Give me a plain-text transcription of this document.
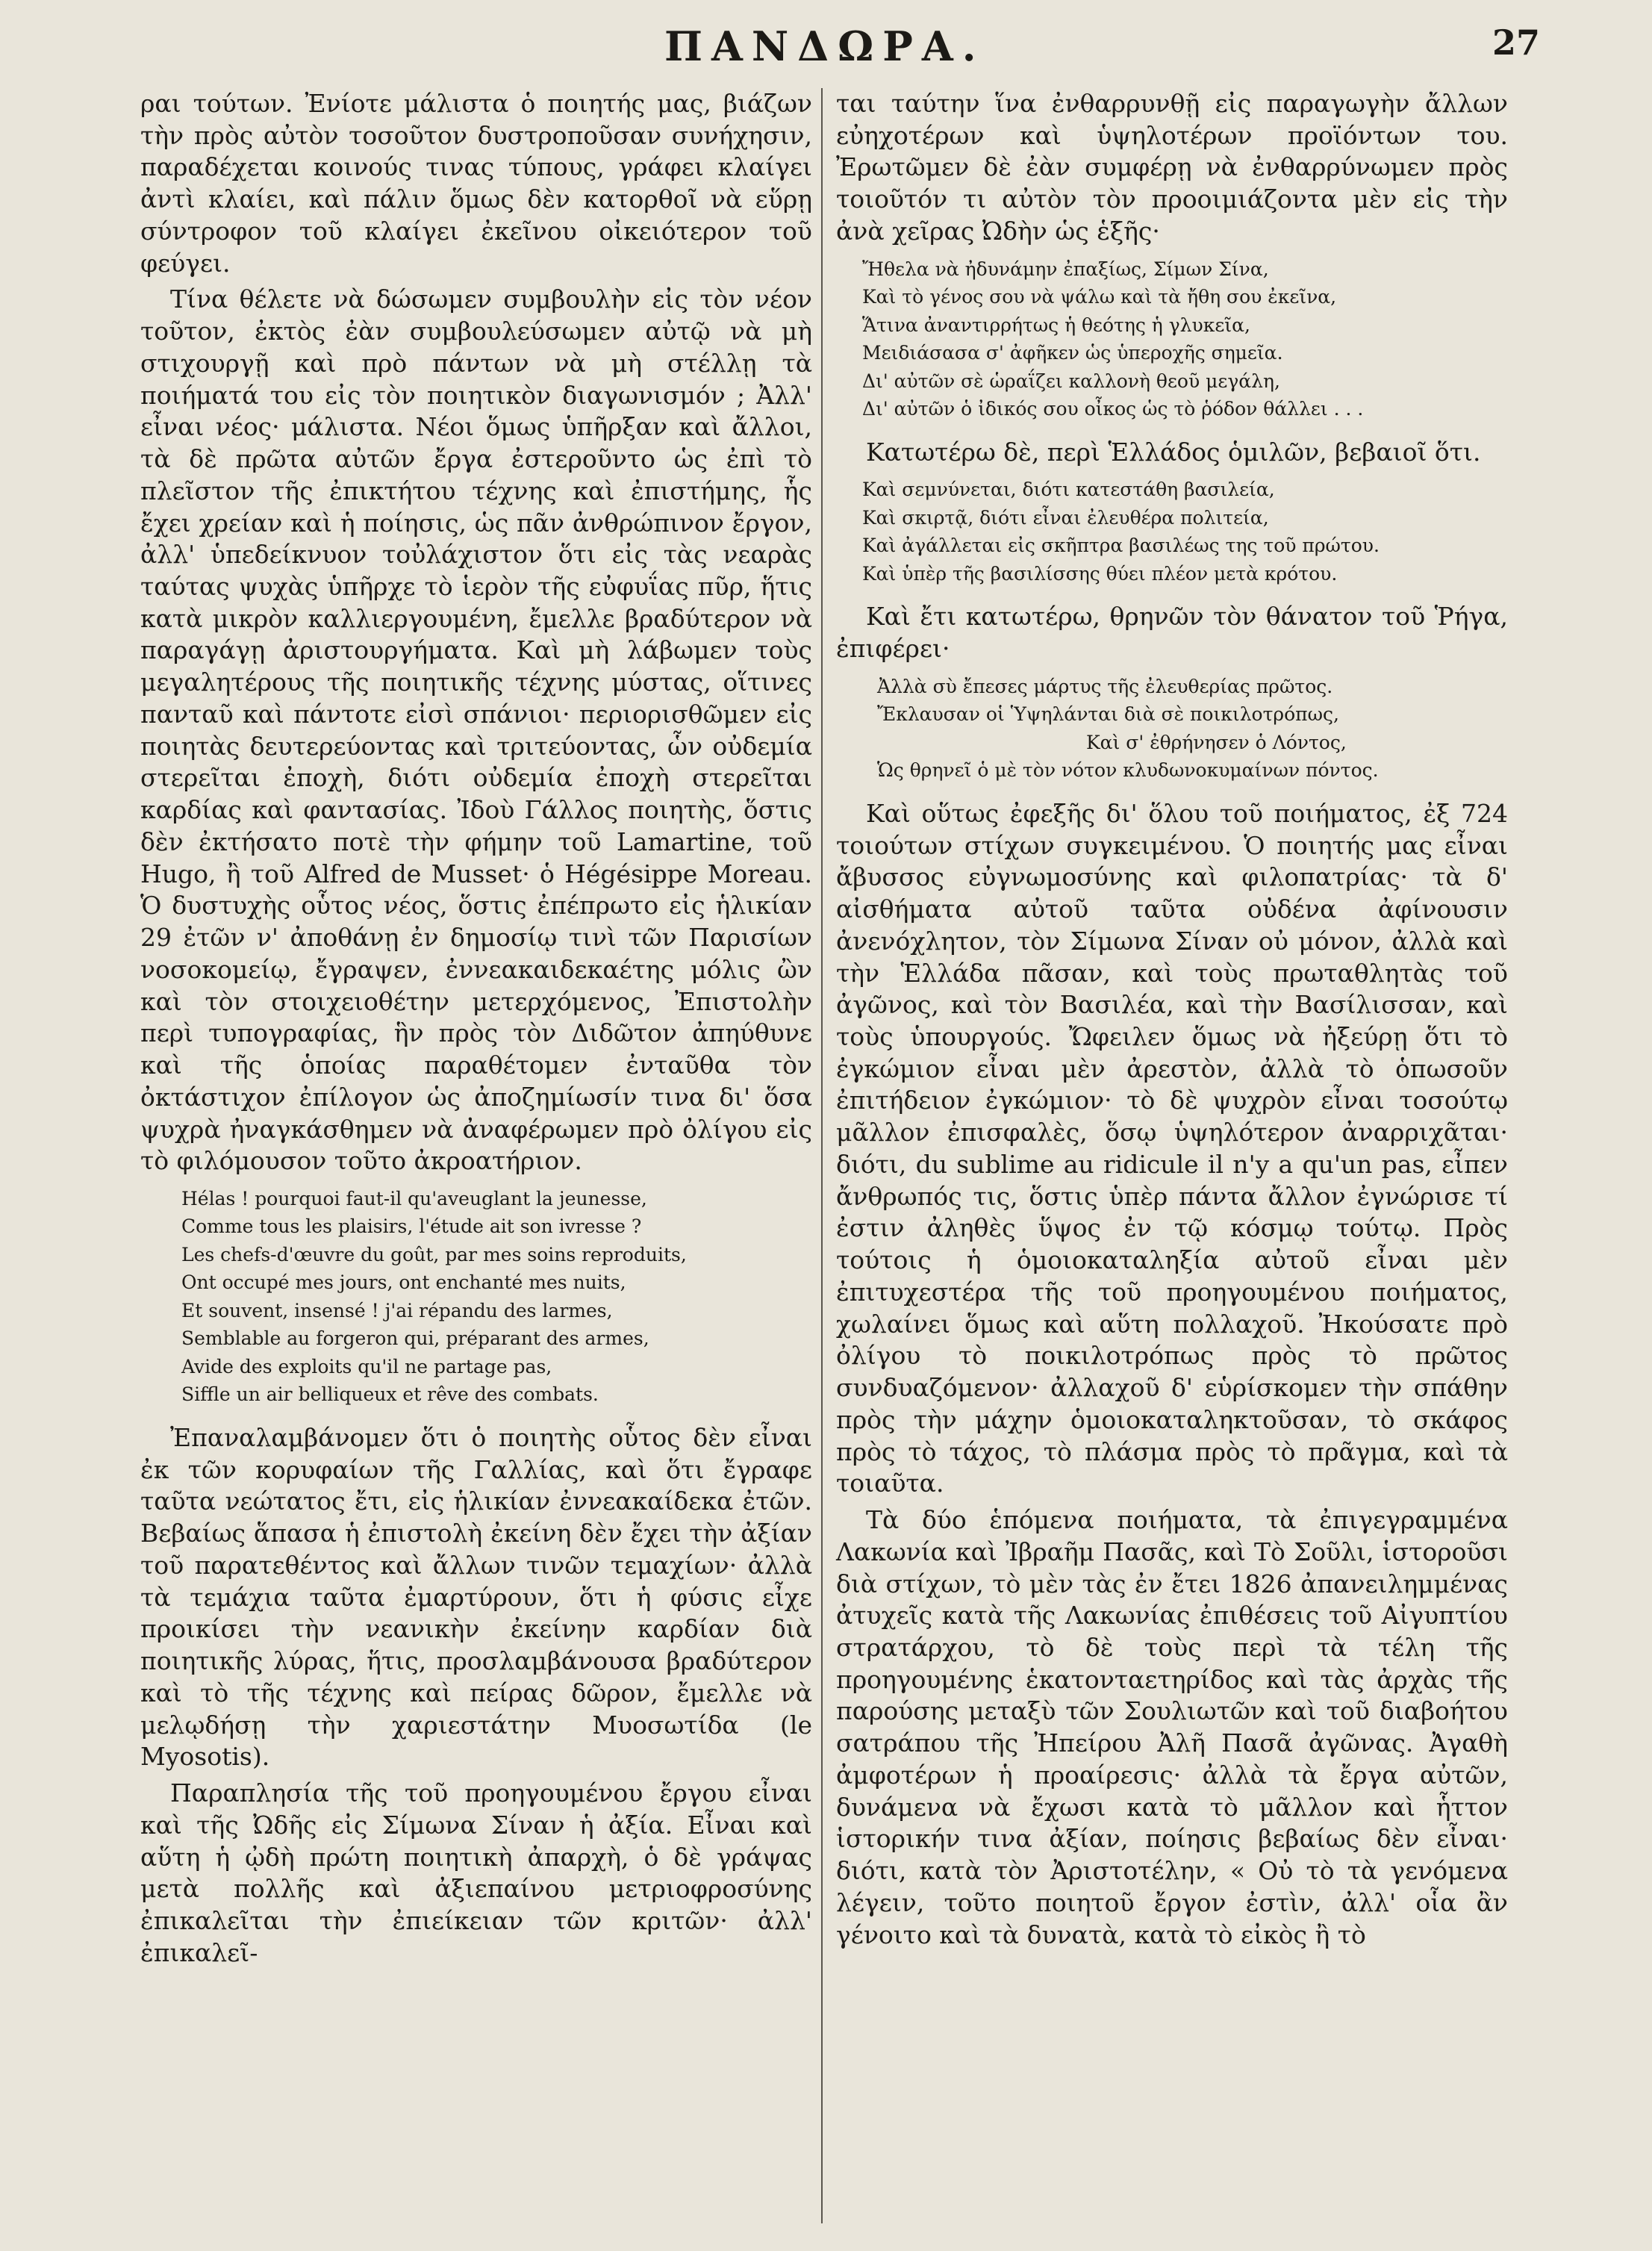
ΠΑΝΔΩΡΑ.	27

ραι τούτων. Ἐνίοτε μάλιστα ὁ ποιητής μας, βιάζων τὴν πρὸς αὐτὸν τοσοῦτον δυστροποῦσαν συνήχησιν, παραδέχεται κοινούς τινας τύπους, γράφει κλαίγει ἀντὶ κλαίει, καὶ πάλιν ὅμως δὲν κατορθοῖ νὰ εὕρῃ σύντροφον τοῦ κλαίγει ἐκεῖνου οἰκειότερον τοῦ φεύγει.

Τίνα θέλετε νὰ δώσωμεν συμβουλὴν εἰς τὸν νέον τοῦτον, ἐκτὸς ἐὰν συμβουλεύσωμεν αὐτῷ νὰ μὴ στιχουργῇ καὶ πρὸ πάντων νὰ μὴ στέλλῃ τὰ ποιήματά του εἰς τὸν ποιητικὸν διαγωνισμόν ; Ἀλλ' εἶναι νέος· μάλιστα. Νέοι ὅμως ὑπῆρξαν καὶ ἄλλοι, τὰ δὲ πρῶτα αὐτῶν ἔργα ἐστεροῦντο ὡς ἐπὶ τὸ πλεῖστον τῆς ἐπικτήτου τέχνης καὶ ἐπιστήμης, ἧς ἔχει χρείαν καὶ ἡ ποίησις, ὡς πᾶν ἀνθρώπινον ἔργον, ἀλλ' ὑπεδείκνυον τοὐλάχιστον ὅτι εἰς τὰς νεαρὰς ταύτας ψυχὰς ὑπῆρχε τὸ ἱερὸν τῆς εὐφυΐας πῦρ, ἥτις κατὰ μικρὸν καλλιεργουμένη, ἔμελλε βραδύτερον νὰ παραγάγῃ ἀριστουργήματα. Καὶ μὴ λάβωμεν τοὺς μεγαλητέρους τῆς ποιητικῆς τέχνης μύστας, οἵτινες πανταῦ καὶ πάντοτε εἰσὶ σπάνιοι· περιορισθῶμεν εἰς ποιητὰς δευτερεύοντας καὶ τριτεύοντας, ὧν οὐδεμία στερεῖται ἐποχὴ, διότι οὐδεμία ἐποχὴ στερεῖται καρδίας καὶ φαντασίας. Ἰδοὺ Γάλλος ποιητὴς, ὅστις δὲν ἐκτήσατο ποτὲ τὴν φήμην τοῦ Lamartine, τοῦ Hugo, ἢ τοῦ Alfred de Musset· ὁ Hégésippe Moreau. Ὁ δυστυχὴς οὗτος νέος, ὅστις ἐπέπρωτο εἰς ἡλικίαν 29 ἐτῶν ν' ἀποθάνῃ ἐν δημοσίῳ τινὶ τῶν Παρισίων νοσοκομείῳ, ἔγραψεν, ἐννεακαιδεκαέτης μόλις ὢν καὶ τὸν στοιχειοθέτην μετερχόμενος, Ἐπιστολὴν περὶ τυπογραφίας, ἣν πρὸς τὸν Διδῶτον ἀπηύθυνε καὶ τῆς ὁποίας παραθέτομεν ἐνταῦθα τὸν ὀκτάστιχον ἐπίλογον ὡς ἀποζημίωσίν τινα δι' ὅσα ψυχρὰ ἠναγκάσθημεν νὰ ἀναφέρωμεν πρὸ ὀλίγου εἰς τὸ φιλόμουσον τοῦτο ἀκροατήριον.

Hélas ! pourquoi faut-il qu'aveuglant la jeunesse,
Comme tous les plaisirs, l'étude ait son ivresse ?
Les chefs-d'œuvre du goût, par mes soins reproduits,
Ont occupé mes jours, ont enchanté mes nuits,
Et souvent, insensé ! j'ai répandu des larmes,
Semblable au forgeron qui, préparant des armes,
Avide des exploits qu'il ne partage pas,
Siffle un air belliqueux et rêve des combats.

Ἐπαναλαμβάνομεν ὅτι ὁ ποιητὴς οὗτος δὲν εἶναι ἐκ τῶν κορυφαίων τῆς Γαλλίας, καὶ ὅτι ἔγραφε ταῦτα νεώτατος ἔτι, εἰς ἡλικίαν ἐννεακαίδεκα ἐτῶν. Βεβαίως ἅπασα ἡ ἐπιστολὴ ἐκείνη δὲν ἔχει τὴν ἀξίαν τοῦ παρατεθέντος καὶ ἄλλων τινῶν τεμαχίων· ἀλλὰ τὰ τεμάχια ταῦτα ἐμαρτύρουν, ὅτι ἡ φύσις εἶχε προικίσει τὴν νεανικὴν ἐκείνην καρδίαν διὰ ποιητικῆς λύρας, ἥτις, προσλαμβάνουσα βραδύτερον καὶ τὸ τῆς τέχνης καὶ πείρας δῶρον, ἔμελλε νὰ μελῳδήσῃ τὴν χαριεστάτην Μυοσωτίδα (le Myosotis).

Παραπλησία τῆς τοῦ προηγουμένου ἔργου εἶναι καὶ τῆς Ὠδῆς εἰς Σίμωνα Σίναν ἡ ἀξία. Εἶναι καὶ αὕτη ἡ ᾠδὴ πρώτη ποιητικὴ ἀπαρχὴ, ὁ δὲ γράψας μετὰ πολλῆς καὶ ἀξιεπαίνου μετριοφροσύνης ἐπικαλεῖται τὴν ἐπιείκειαν τῶν κριτῶν· ἀλλ' ἐπικαλεῖ-

ται ταύτην ἵνα ἐνθαρρυνθῇ εἰς παραγωγὴν ἄλλων εὐηχοτέρων καὶ ὑψηλοτέρων προϊόντων του. Ἐρωτῶμεν δὲ ἐὰν συμφέρῃ νὰ ἐνθαρρύνωμεν πρὸς τοιοῦτόν τι αὐτὸν τὸν προοιμιάζοντα μὲν εἰς τὴν ἀνὰ χεῖρας Ὠδὴν ὡς ἑξῆς·

Ἤθελα νὰ ἠδυνάμην ἐπαξίως, Σίμων Σίνα,
Καὶ τὸ γένος σου νὰ ψάλω καὶ τὰ ἤθη σου ἐκεῖνα,
Ἅτινα ἀναντιρρήτως ἡ θεότης ἡ γλυκεῖα,
Μειδιάσασα σ' ἀφῆκεν ὡς ὑπεροχῆς σημεῖα.
Δι' αὐτῶν σὲ ὡραΐζει καλλονὴ θεοῦ μεγάλη,
Δι' αὐτῶν ὁ ἰδικός σου οἶκος ὡς τὸ ῥόδον θάλλει . . .

Κατωτέρω δὲ, περὶ Ἑλλάδος ὁμιλῶν, βεβαιοῖ ὅτι.

Καὶ σεμνύνεται, διότι κατεστάθη βασιλεία,
Καὶ σκιρτᾷ, διότι εἶναι ἐλευθέρα πολιτεία,
Καὶ ἀγάλλεται εἰς σκῆπτρα βασιλέως της τοῦ πρώτου.
Καὶ ὑπὲρ τῆς βασιλίσσης θύει πλέον μετὰ κρότου.

Καὶ ἔτι κατωτέρω, θρηνῶν τὸν θάνατον τοῦ Ῥήγα, ἐπιφέρει·

Ἀλλὰ σὺ ἔπεσες μάρτυς τῆς ἐλευθερίας πρῶτος.
Ἔκλαυσαν οἱ Ὑψηλάνται διὰ σὲ ποικιλοτρόπως,
Καὶ σ' ἐθρήνησεν ὁ Λόντος,
Ὡς θρηνεῖ ὁ μὲ τὸν νότον κλυδωνοκυμαίνων πόντος.

Καὶ οὕτως ἐφεξῆς δι' ὅλου τοῦ ποιήματος, ἐξ 724 τοιούτων στίχων συγκειμένου. Ὁ ποιητής μας εἶναι ἄβυσσος εὐγνωμοσύνης καὶ φιλοπατρίας· τὰ δ' αἰσθήματα αὐτοῦ ταῦτα οὐδένα ἀφίνουσιν ἀνενόχλητον, τὸν Σίμωνα Σίναν οὐ μόνον, ἀλλὰ καὶ τὴν Ἑλλάδα πᾶσαν, καὶ τοὺς πρωταθλητὰς τοῦ ἀγῶνος, καὶ τὸν Βασιλέα, καὶ τὴν Βασίλισσαν, καὶ τοὺς ὑπουργούς. Ὤφειλεν ὅμως νὰ ἠξεύρῃ ὅτι τὸ ἐγκώμιον εἶναι μὲν ἀρεστὸν, ἀλλὰ τὸ ὁπωσοῦν ἐπιτήδειον ἐγκώμιον· τὸ δὲ ψυχρὸν εἶναι τοσούτῳ μᾶλλον ἐπισφαλὲς, ὅσῳ ὑψηλότερον ἀναρριχᾶται· διότι, du sublime au ridicule il n'y a qu'un pas, εἶπεν ἄνθρωπός τις, ὅστις ὑπὲρ πάντα ἄλλον ἐγνώρισε τί ἐστιν ἀληθὲς ὕψος ἐν τῷ κόσμῳ τούτῳ. Πρὸς τούτοις ἡ ὁμοιοκαταληξία αὐτοῦ εἶναι μὲν ἐπιτυχεστέρα τῆς τοῦ προηγουμένου ποιήματος, χωλαίνει ὅμως καὶ αὕτη πολλαχοῦ. Ἠκούσατε πρὸ ὀλίγου τὸ ποικιλοτρόπως πρὸς τὸ πρῶτος συνδυαζόμενον· ἀλλαχοῦ δ' εὑρίσκομεν τὴν σπάθην πρὸς τὴν μάχην ὁμοιοκαταληκτοῦσαν, τὸ σκάφος πρὸς τὸ τάχος, τὸ πλάσμα πρὸς τὸ πρᾶγμα, καὶ τὰ τοιαῦτα.

Τὰ δύο ἑπόμενα ποιήματα, τὰ ἐπιγεγραμμένα Λακωνία καὶ Ἰβραῆμ Πασᾶς, καὶ Τὸ Σοῦλι, ἱστοροῦσι διὰ στίχων, τὸ μὲν τὰς ἐν ἔτει 1826 ἀπανειλημμένας ἀτυχεῖς κατὰ τῆς Λακωνίας ἐπιθέσεις τοῦ Αἰγυπτίου στρατάρχου, τὸ δὲ τοὺς περὶ τὰ τέλη τῆς προηγουμένης ἑκατονταετηρίδος καὶ τὰς ἀρχὰς τῆς παρούσης μεταξὺ τῶν Σουλιωτῶν καὶ τοῦ διαβοήτου σατράπου τῆς Ἠπείρου Ἀλῆ Πασᾶ ἀγῶνας. Ἀγαθὴ ἀμφοτέρων ἡ προαίρεσις· ἀλλὰ τὰ ἔργα αὐτῶν, δυνάμενα νὰ ἔχωσι κατὰ τὸ μᾶλλον καὶ ἧττον ἱστορικήν τινα ἀξίαν, ποίησις βεβαίως δὲν εἶναι· διότι, κατὰ τὸν Ἀριστοτέλην, « Οὐ τὸ τὰ γενόμενα λέγειν, τοῦτο ποιητοῦ ἔργον ἐστὶν, ἀλλ' οἷα ἂν γένοιτο καὶ τὰ δυνατὰ, κατὰ τὸ εἰκὸς ἢ τὸ
